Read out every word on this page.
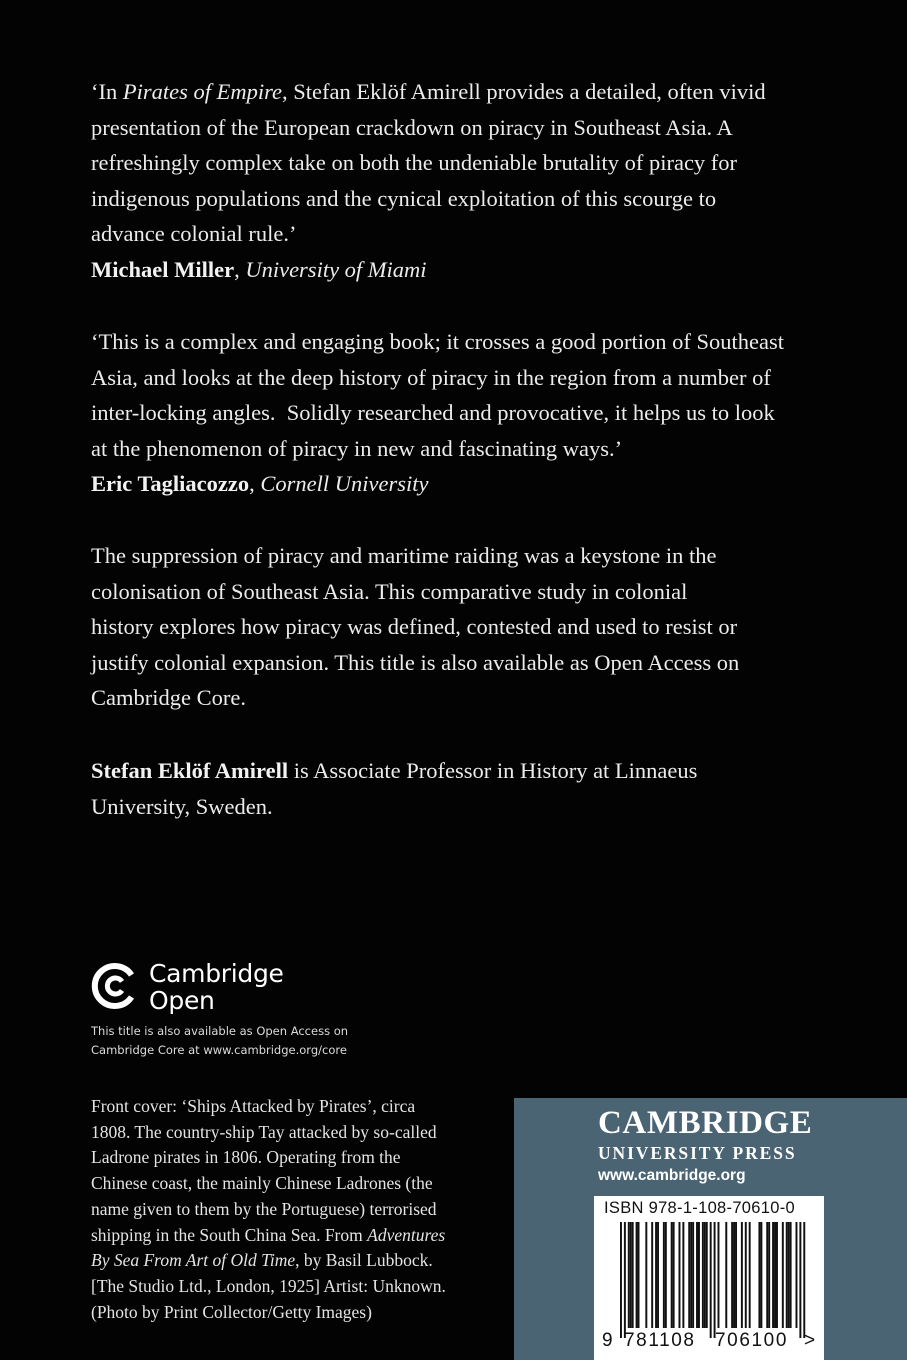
‘In Pirates of Empire, Stefan Eklöf Amirell provides a detailed, often vivid
presentation of the European crackdown on piracy in Southeast Asia. A
refreshingly complex take on both the undeniable brutality of piracy for
indigenous populations and the cynical exploitation of this scourge to
advance colonial rule.’
Michael Miller, University of Miami
‘This is a complex and engaging book; it crosses a good portion of Southeast
Asia, and looks at the deep history of piracy in the region from a number of
inter-locking angles.  Solidly researched and provocative, it helps us to look
at the phenomenon of piracy in new and fascinating ways.’
Eric Tagliacozzo, Cornell University
The suppression of piracy and maritime raiding was a keystone in the
colonisation of Southeast Asia. This comparative study in colonial
history explores how piracy was defined, contested and used to resist or
justify colonial expansion. This title is also available as Open Access on
Cambridge Core.
Stefan Eklöf Amirell is Associate Professor in History at Linnaeus
University, Sweden.
Cambridge
Open
This title is also available as Open Access on
Cambridge Core at www.cambridge.org/core
Front cover: ‘Ships Attacked by Pirates’, circa
1808. The country-ship Tay attacked by so-called
Ladrone pirates in 1806. Operating from the
Chinese coast, the mainly Chinese Ladrones (the
name given to them by the Portuguese) terrorised
shipping in the South China Sea. From Adventures
By Sea From Art of Old Time, by Basil Lubbock.
[The Studio Ltd., London, 1925] Artist: Unknown.
(Photo by Print Collector/Getty Images)
CAMBRIDGE
UNIVERSITY PRESS
www.cambridge.org
ISBN 978-1-108-70610-0
9 781108 706100 >
